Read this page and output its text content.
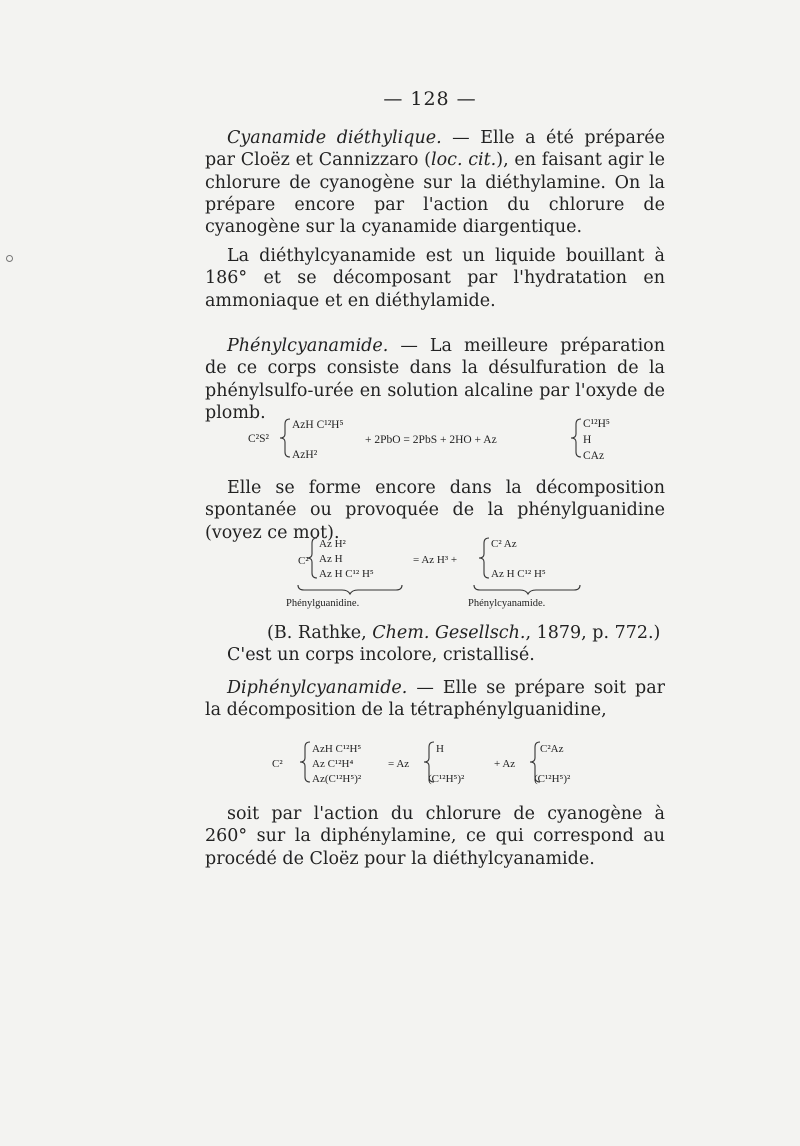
— 128 —

Cyanamide diéthylique. — Elle a été préparée par Cloëz et Cannizzaro (loc. cit.), en faisant agir le chlorure de cyanogène sur la diéthylamine. On la prépare encore par l'action du chlorure de cyanogène sur la cyanamide diargentique.

La diéthylcyanamide est un liquide bouillant à 186° et se décomposant par l'hydratation en ammoniaque et en diéthylamide.

Phénylcyanamide. — La meilleure préparation de ce corps consiste dans la désulfuration de la phénylsulfo-urée en solution alcaline par l'oxyde de plomb.

C²S²
AzH C¹²H⁵
AzH²
+ 2PbO = 2PbS + 2HO + Az
C¹²H⁵
H
CAz

Elle se forme encore dans la décomposition spontanée ou provoquée de la phénylguanidine (voyez ce mot).

C²
Az H²
Az H
Az H C¹² H⁵
= Az H³ +
C² Az
Az H C¹² H⁵
Phénylguanidine.	Phénylcyanamide.

(B. Rathke, Chem. Gesellsch., 1879, p. 772.)

C'est un corps incolore, cristallisé.

Diphénylcyanamide. — Elle se prépare soit par la décomposition de la tétraphénylguanidine,

C²
AzH C¹²H⁵
Az C¹²H⁴
Az(C¹²H⁵)²
= Az
H
(C¹²H⁵)²
+ Az
C²Az
(C¹²H⁵)²

soit par l'action du chlorure de cyanogène à 260° sur la diphénylamine, ce qui correspond au procédé de Cloëz pour la diéthylcyanamide.
